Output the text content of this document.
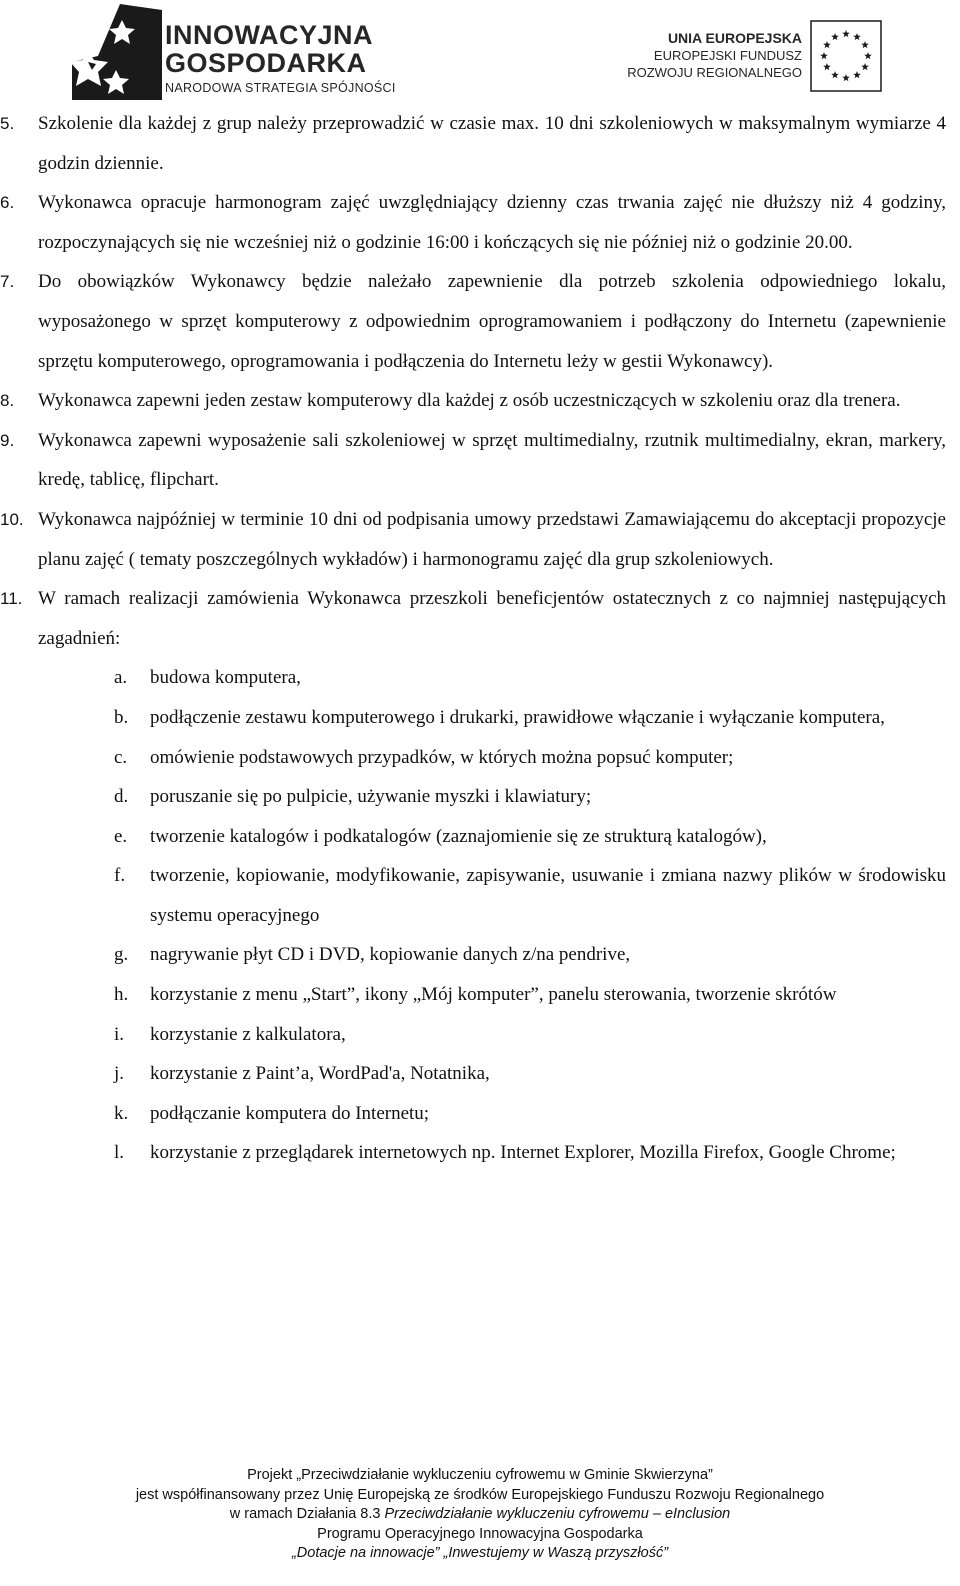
INNOWACYJNA
GOSPODARKA
NARODOWA STRATEGIA SPÓJNOŚCI
UNIA EUROPEJSKA
EUROPEJSKI FUNDUSZ
ROZWOJU REGIONALNEGO
5. Szkolenie dla każdej z grup należy przeprowadzić w czasie max. 10 dni szkoleniowych w maksymalnym wymiarze 4 godzin dziennie.
6. Wykonawca opracuje harmonogram zajęć uwzględniający dzienny czas trwania zajęć nie dłuższy niż 4 godziny, rozpoczynających się nie wcześniej niż o godzinie 16:00 i kończących się nie później niż o godzinie 20.00.
7. Do obowiązków Wykonawcy będzie należało zapewnienie dla potrzeb szkolenia odpowiedniego lokalu, wyposażonego w sprzęt komputerowy z odpowiednim oprogramowaniem i podłączony do Internetu (zapewnienie sprzętu komputerowego, oprogramowania i podłączenia do Internetu leży w gestii Wykonawcy).
8. Wykonawca zapewni jeden zestaw komputerowy dla każdej z osób uczestniczących w szkoleniu oraz dla trenera.
9. Wykonawca zapewni wyposażenie sali szkoleniowej w sprzęt multimedialny, rzutnik multimedialny, ekran, markery, kredę, tablicę, flipchart.
10. Wykonawca najpóźniej w terminie 10 dni od podpisania umowy przedstawi Zamawiającemu do akceptacji propozycje planu zajęć ( tematy poszczególnych wykładów) i harmonogramu zajęć dla grup szkoleniowych.
11. W ramach realizacji zamówienia Wykonawca przeszkoli beneficjentów ostatecznych z co najmniej następujących zagadnień:
a. budowa komputera,
b. podłączenie zestawu komputerowego i drukarki, prawidłowe włączanie i wyłączanie komputera,
c. omówienie podstawowych przypadków, w których można popsuć komputer;
d. poruszanie się po pulpicie, używanie myszki i klawiatury;
e. tworzenie katalogów i podkatalogów (zaznajomienie się ze strukturą katalogów),
f. tworzenie, kopiowanie, modyfikowanie, zapisywanie, usuwanie i zmiana nazwy plików w środowisku systemu operacyjnego
g. nagrywanie płyt CD i DVD, kopiowanie danych z/na pendrive,
h. korzystanie z menu „Start”, ikony „Mój komputer”, panelu sterowania, tworzenie skrótów
i. korzystanie z kalkulatora,
j. korzystanie z Paint’a, WordPad'a, Notatnika,
k. podłączanie komputera do Internetu;
l. korzystanie z przeglądarek internetowych np. Internet Explorer, Mozilla Firefox, Google Chrome;
Projekt „Przeciwdziałanie wykluczeniu cyfrowemu w Gminie Skwierzyna”
jest współfinansowany przez Unię Europejską ze środków Europejskiego Funduszu Rozwoju Regionalnego
w ramach Działania 8.3 Przeciwdziałanie wykluczeniu cyfrowemu – eInclusion
Programu Operacyjnego Innowacyjna Gospodarka
„Dotacje na innowacje” „Inwestujemy w Waszą przyszłość”
